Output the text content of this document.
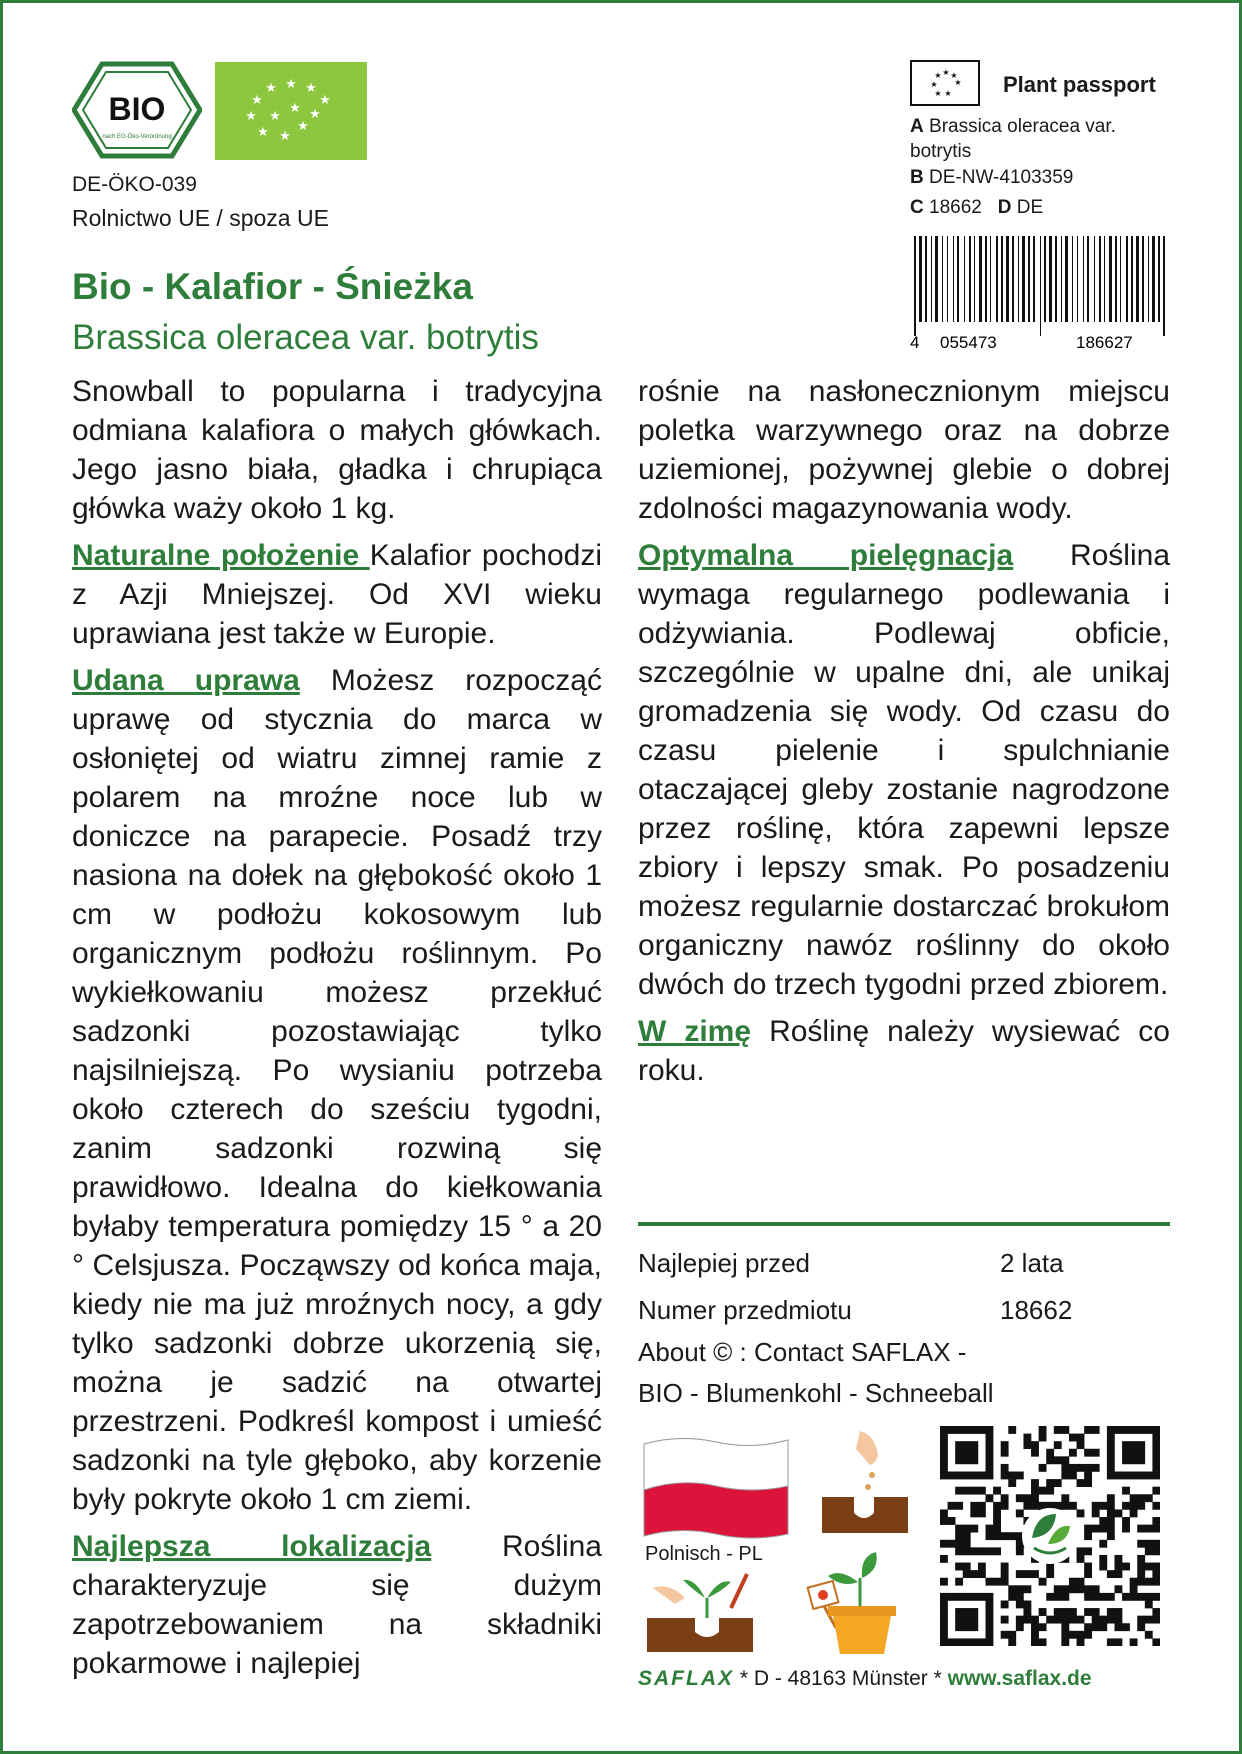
BIO
nach EG-Öko-Verordnung
★ ★ ★
★
★
★	★
★ ★
★
★
★
DE-ÖKO-039
Rolnictwo UE / spoza UE
★ ★ ★
★ ★
★ ★ Plant passport
A Brassica oleracea var. botrytis
B DE-NW-4103359
C 18662 D DE
4 055473	186627
Bio - Kalafior - Śnieżka
Brassica oleracea var. botrytis

Snowball to popularna i tradycyjna odmiana kalafiora o małych główkach. Jego jasno biała, gładka i chrupiąca główka waży około 1 kg.

Naturalne położenie Kalafior pochodzi z Azji Mniejszej. Od XVI wieku uprawiana jest także w Europie.

Udana uprawa Możesz rozpocząć uprawę od stycznia do marca w osłoniętej od wiatru zimnej ramie z polarem na mroźne noce lub w doniczce na parapecie. Posadź trzy nasiona na dołek na głębokość około 1 cm w podłożu kokosowym lub organicznym podłożu roślinnym. Po wykiełkowaniu możesz przekłuć sadzonki pozostawiając tylko najsilniejszą. Po wysianiu potrzeba około czterech do sześciu tygodni, zanim sadzonki rozwiną się prawidłowo. Idealna do kiełkowania byłaby temperatura pomiędzy 15 ° a 20 ° Celsjusza. Począwszy od końca maja, kiedy nie ma już mroźnych nocy, a gdy tylko sadzonki dobrze ukorzenią się, można je sadzić na otwartej przestrzeni. Podkreśl kompost i umieść sadzonki na tyle głęboko, aby korzenie były pokryte około 1 cm ziemi.

Najlepsza lokalizacja Roślina charakteryzuje się dużym zapotrzebowaniem na składniki pokarmowe i najlepiej

rośnie na nasłonecznionym miejscu poletka warzywnego oraz na dobrze uziemionej, pożywnej glebie o dobrej zdolności magazynowania wody.

Optymalna pielęgnacja Roślina wymaga regularnego podlewania i odżywiania. Podlewaj obficie, szczególnie w upalne dni, ale unikaj gromadzenia się wody. Od czasu do czasu pielenie i spulchnianie otaczającej gleby zostanie nagrodzone przez roślinę, która zapewni lepsze zbiory i lepszy smak. Po posadzeniu możesz regularnie dostarczać brokułom organiczny nawóz roślinny do około dwóch do trzech tygodni przed zbiorem.

W zimę Roślinę należy wysiewać co roku.

Najlepiej przed	2 lata
Numer przedmiotu	18662
About © : Contact SAFLAX -
BIO - Blumenkohl - Schneeball
Polnisch - PL
SAFLAX * D - 48163 Münster * www.saflax.de
